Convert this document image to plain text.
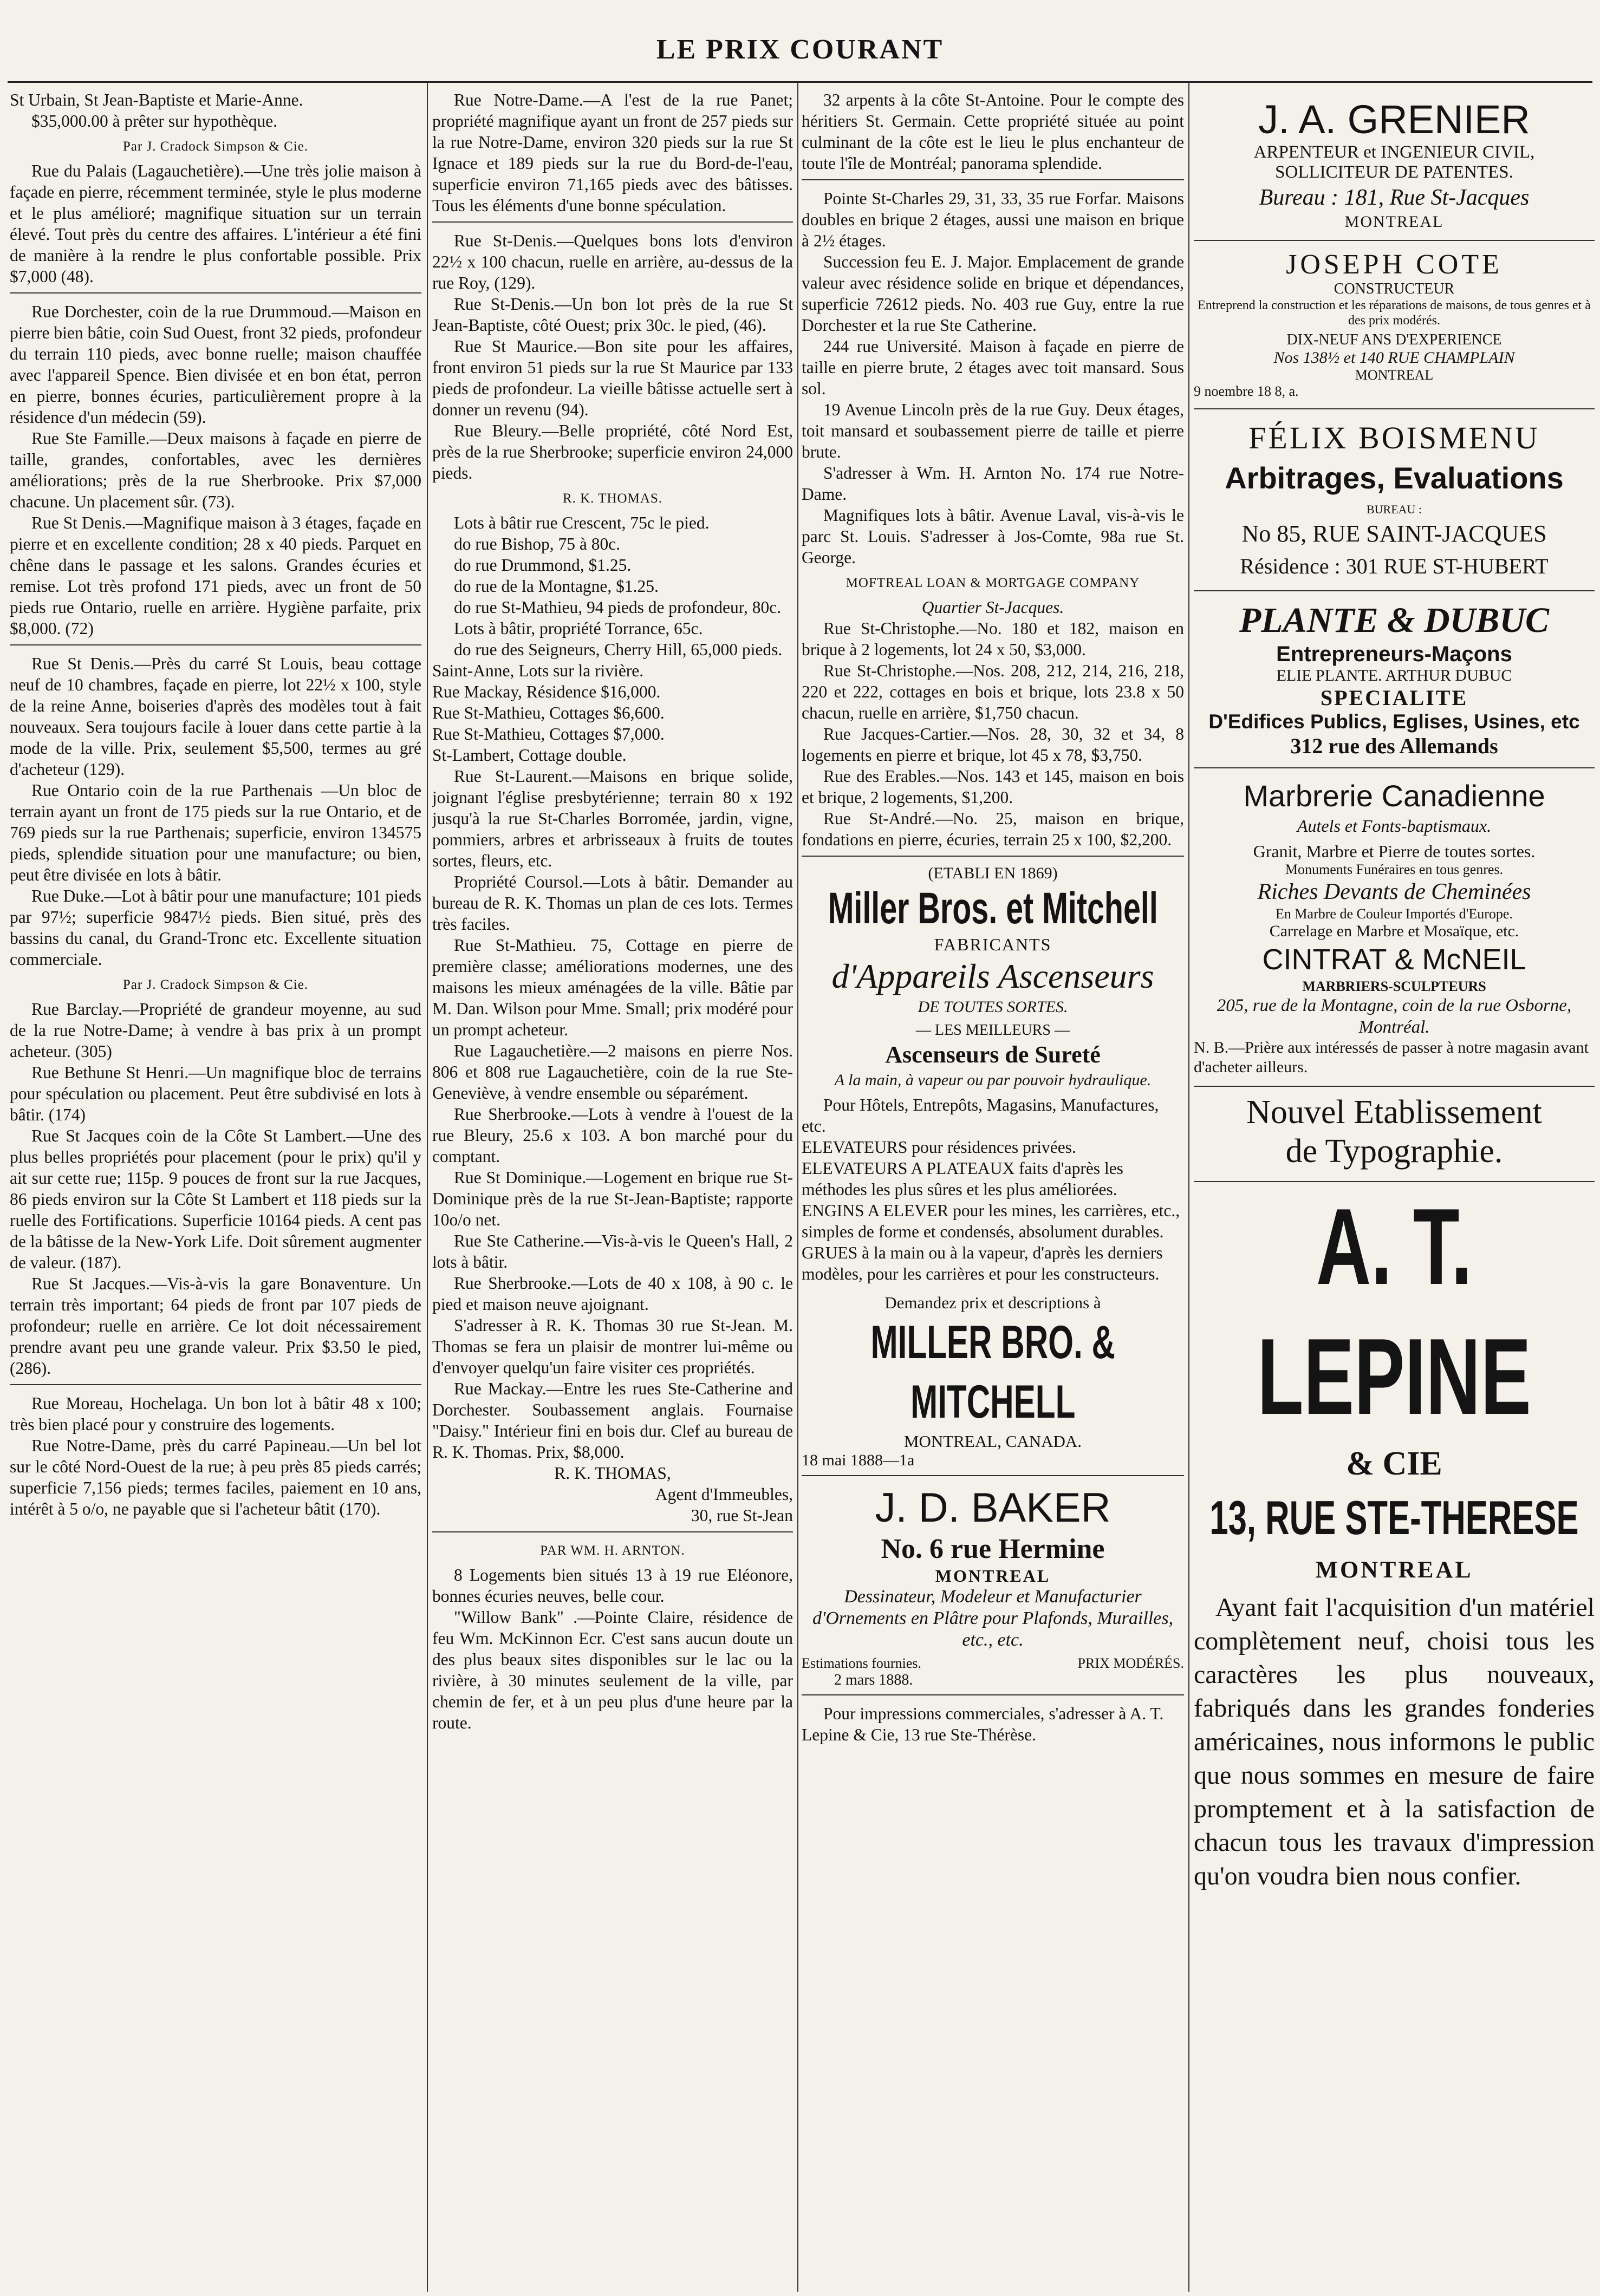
LE PRIX COURANT

St Urbain, St Jean-Baptiste et Marie-Anne.

$35,000.00 à prêter sur hypothèque.

Par J. Cradock Simpson & Cie.

Rue du Palais (Lagauchetière).—Une très jolie maison à façade en pierre, récemment terminée, style le plus moderne et le plus amélioré; magnifique situation sur un terrain élevé. Tout près du centre des affaires. L'intérieur a été fini de manière à la rendre le plus confortable possible. Prix $7,000 (48).

Rue Dorchester, coin de la rue Drummoud.—Maison en pierre bien bâtie, coin Sud Ouest, front 32 pieds, profondeur du terrain 110 pieds, avec bonne ruelle; maison chauffée avec l'appareil Spence. Bien divisée et en bon état, perron en pierre, bonnes écuries, particulièrement propre à la résidence d'un médecin (59).

Rue Ste Famille.—Deux maisons à façade en pierre de taille, grandes, confortables, avec les dernières améliorations; près de la rue Sherbrooke. Prix $7,000 chacune. Un placement sûr. (73).

Rue St Denis.—Magnifique maison à 3 étages, façade en pierre et en excellente condition; 28 x 40 pieds. Parquet en chêne dans le passage et les salons. Grandes écuries et remise. Lot très profond 171 pieds, avec un front de 50 pieds rue Ontario, ruelle en arrière. Hygiène parfaite, prix $8,000. (72)

Rue St Denis.—Près du carré St Louis, beau cottage neuf de 10 chambres, façade en pierre, lot 22½ x 100, style de la reine Anne, boiseries d'après des modèles tout à fait nouveaux. Sera toujours facile à louer dans cette partie à la mode de la ville. Prix, seulement $5,500, termes au gré d'acheteur (129).

Rue Ontario coin de la rue Parthenais —Un bloc de terrain ayant un front de 175 pieds sur la rue Ontario, et de 769 pieds sur la rue Parthenais; superficie, environ 134575 pieds, splendide situation pour une manufacture; ou bien, peut être divisée en lots à bâtir.

Rue Duke.—Lot à bâtir pour une manufacture; 101 pieds par 97½; superficie 9847½ pieds. Bien situé, près des bassins du canal, du Grand-Tronc etc. Excellente situation commerciale.

Par J. Cradock Simpson & Cie.

Rue Barclay.—Propriété de grandeur moyenne, au sud de la rue Notre-Dame; à vendre à bas prix à un prompt acheteur. (305)

Rue Bethune St Henri.—Un magnifique bloc de terrains pour spéculation ou placement. Peut être subdivisé en lots à bâtir. (174)

Rue St Jacques coin de la Côte St Lambert.—Une des plus belles propriétés pour placement (pour le prix) qu'il y ait sur cette rue; 115p. 9 pouces de front sur la rue Jacques, 86 pieds environ sur la Côte St Lambert et 118 pieds sur la ruelle des Fortifications. Superficie 10164 pieds. A cent pas de la bâtisse de la New-York Life. Doit sûrement augmenter de valeur. (187).

Rue St Jacques.—Vis-à-vis la gare Bonaventure. Un terrain très important; 64 pieds de front par 107 pieds de profondeur; ruelle en arrière. Ce lot doit nécessairement prendre avant peu une grande valeur. Prix $3.50 le pied, (286).

Rue Moreau, Hochelaga. Un bon lot à bâtir 48 x 100; très bien placé pour y construire des logements.

Rue Notre-Dame, près du carré Papineau.—Un bel lot sur le côté Nord-Ouest de la rue; à peu près 85 pieds carrés; superficie 7,156 pieds; termes faciles, paiement en 10 ans, intérêt à 5 o/o, ne payable que si l'acheteur bâtit (170).

Rue Notre-Dame.—A l'est de la rue Panet; propriété magnifique ayant un front de 257 pieds sur la rue Notre-Dame, environ 320 pieds sur la rue St Ignace et 189 pieds sur la rue du Bord-de-l'eau, superficie environ 71,165 pieds avec des bâtisses. Tous les éléments d'une bonne spéculation.

Rue St-Denis.—Quelques bons lots d'environ 22½ x 100 chacun, ruelle en arrière, au-dessus de la rue Roy, (129).

Rue St-Denis.—Un bon lot près de la rue St Jean-Baptiste, côté Ouest; prix 30c. le pied, (46).

Rue St Maurice.—Bon site pour les affaires, front environ 51 pieds sur la rue St Maurice par 133 pieds de profondeur. La vieille bâtisse actuelle sert à donner un revenu (94).

Rue Bleury.—Belle propriété, côté Nord Est, près de la rue Sherbrooke; superficie environ 24,000 pieds.

R. K. THOMAS.

Lots à bâtir rue Crescent, 75c le pied.

do rue Bishop, 75 à 80c.

do rue Drummond, $1.25.

do rue de la Montagne, $1.25.

do rue St-Mathieu, 94 pieds de profondeur, 80c.

Lots à bâtir, propriété Torrance, 65c.

do rue des Seigneurs, Cherry Hill, 65,000 pieds.

Saint-Anne, Lots sur la rivière.

Rue Mackay, Résidence $16,000.

Rue St-Mathieu, Cottages $6,600.

Rue St-Mathieu, Cottages $7,000.

St-Lambert, Cottage double.

Rue St-Laurent.—Maisons en brique solide, joignant l'église presbytérienne; terrain 80 x 192 jusqu'à la rue St-Charles Borromée, jardin, vigne, pommiers, arbres et arbrisseaux à fruits de toutes sortes, fleurs, etc.

Propriété Coursol.—Lots à bâtir. Demander au bureau de R. K. Thomas un plan de ces lots. Termes très faciles.

Rue St-Mathieu. 75, Cottage en pierre de première classe; améliorations modernes, une des maisons les mieux aménagées de la ville. Bâtie par M. Dan. Wilson pour Mme. Small; prix modéré pour un prompt acheteur.

Rue Lagauchetière.—2 maisons en pierre Nos. 806 et 808 rue Lagauchetière, coin de la rue Ste-Geneviève, à vendre ensemble ou séparément.

Rue Sherbrooke.—Lots à vendre à l'ouest de la rue Bleury, 25.6 x 103. A bon marché pour du comptant.

Rue St Dominique.—Logement en brique rue St-Dominique près de la rue St-Jean-Baptiste; rapporte 10o/o net.

Rue Ste Catherine.—Vis-à-vis le Queen's Hall, 2 lots à bâtir.

Rue Sherbrooke.—Lots de 40 x 108, à 90 c. le pied et maison neuve ajoignant.

S'adresser à R. K. Thomas 30 rue St-Jean. M. Thomas se fera un plaisir de montrer lui-même ou d'envoyer quelqu'un faire visiter ces propriétés.

Rue Mackay.—Entre les rues Ste-Catherine and Dorchester. Soubassement anglais. Fournaise "Daisy." Intérieur fini en bois dur. Clef au bureau de R. K. Thomas. Prix, $8,000.

R. K. THOMAS,

Agent d'Immeubles,

30, rue St-Jean

PAR WM. H. ARNTON.

8 Logements bien situés 13 à 19 rue Eléonore, bonnes écuries neuves, belle cour.

"Willow Bank" .—Pointe Claire, résidence de feu Wm. McKinnon Ecr. C'est sans aucun doute un des plus beaux sites disponibles sur le lac ou la rivière, à 30 minutes seulement de la ville, par chemin de fer, et à un peu plus d'une heure par la route.

32 arpents à la côte St-Antoine. Pour le compte des héritiers St. Germain. Cette propriété située au point culminant de la côte est le lieu le plus enchanteur de toute l'île de Montréal; panorama splendide.

Pointe St-Charles 29, 31, 33, 35 rue Forfar. Maisons doubles en brique 2 étages, aussi une maison en brique à 2½ étages.

Succession feu E. J. Major. Emplacement de grande valeur avec résidence solide en brique et dépendances, superficie 72612 pieds. No. 403 rue Guy, entre la rue Dorchester et la rue Ste Catherine.

244 rue Université. Maison à façade en pierre de taille en pierre brute, 2 étages avec toit mansard. Sous sol.

19 Avenue Lincoln près de la rue Guy. Deux étages, toit mansard et soubassement pierre de taille et pierre brute.

S'adresser à Wm. H. Arnton No. 174 rue Notre-Dame.

Magnifiques lots à bâtir. Avenue Laval, vis-à-vis le parc St. Louis. S'adresser à Jos-Comte, 98a rue St. George.

MOFTREAL LOAN & MORTGAGE COMPANY

Quartier St-Jacques.

Rue St-Christophe.—No. 180 et 182, maison en brique à 2 logements, lot 24 x 50, $3,000.

Rue St-Christophe.—Nos. 208, 212, 214, 216, 218, 220 et 222, cottages en bois et brique, lots 23.8 x 50 chacun, ruelle en arrière, $1,750 chacun.

Rue Jacques-Cartier.—Nos. 28, 30, 32 et 34, 8 logements en pierre et brique, lot 45 x 78, $3,750.

Rue des Erables.—Nos. 143 et 145, maison en bois et brique, 2 logements, $1,200.

Rue St-André.—No. 25, maison en brique, fondations en pierre, écuries, terrain 25 x 100, $2,200.

(ETABLI EN 1869)
Miller Bros. et Mitchell
FABRICANTS
d'Appareils Ascenseurs
DE TOUTES SORTES.
— LES MEILLEURS —
Ascenseurs de Sureté
A la main, à vapeur ou par pouvoir hydraulique.

Pour Hôtels, Entrepôts, Magasins, Manufactures, etc.

ELEVATEURS pour résidences privées.

ELEVATEURS A PLATEAUX faits d'après les méthodes les plus sûres et les plus améliorées.

ENGINS A ELEVER pour les mines, les carrières, etc., simples de forme et condensés, absolument durables.

GRUES à la main ou à la vapeur, d'après les derniers modèles, pour les carrières et pour les constructeurs.

Demandez prix et descriptions à
MILLER BRO. & MITCHELL
MONTREAL, CANADA.
18 mai 1888—1a
J. D. BAKER
No. 6 rue Hermine
MONTREAL
Dessinateur, Modeleur et Manufacturier d'Ornements en Plâtre pour Plafonds, Murailles, etc., etc.
Estimations fournies.	PRIX MODÉRÉS.
2 mars 1888.

Pour impressions commerciales, s'adresser à A. T. Lepine & Cie, 13 rue Ste-Thérèse.

J. A. GRENIER
ARPENTEUR et INGENIEUR CIVIL,
SOLLICITEUR DE PATENTES.
Bureau : 181, Rue St-Jacques
MONTREAL
JOSEPH COTE
CONSTRUCTEUR
Entreprend la construction et les réparations de maisons, de tous genres et à des prix modérés.
DIX-NEUF ANS D'EXPERIENCE
Nos 138½ et 140 RUE CHAMPLAIN
MONTREAL
9 noembre 18 8, a.
FÉLIX BOISMENU
Arbitrages, Evaluations
BUREAU :
No 85, RUE SAINT-JACQUES
Résidence : 301 RUE ST-HUBERT
PLANTE & DUBUC
Entrepreneurs-Maçons
ELIE PLANTE. ARTHUR DUBUC
SPECIALITE
D'Edifices Publics, Eglises, Usines, etc
312 rue des Allemands
Marbrerie Canadienne
Autels et Fonts-baptismaux.
Granit, Marbre et Pierre de toutes sortes.
Monuments Funéraires en tous genres.
Riches Devants de Cheminées
En Marbre de Couleur Importés d'Europe.
Carrelage en Marbre et Mosaïque, etc.
CINTRAT & McNEIL
MARBRIERS-SCULPTEURS
205, rue de la Montagne, coin de la rue Osborne, Montréal.
N. B.—Prière aux intéressés de passer à notre magasin avant d'acheter ailleurs.
Nouvel Etablissement
de Typographie.
A. T. LEPINE
& CIE
13, RUE STE-THERESE
MONTREAL
Ayant fait l'acquisition d'un matériel complètement neuf, choisi tous les caractères les plus nouveaux, fabriqués dans les grandes fonderies américaines, nous informons le public que nous sommes en mesure de faire promptement et à la satisfaction de chacun tous les travaux d'impression qu'on voudra bien nous confier.
